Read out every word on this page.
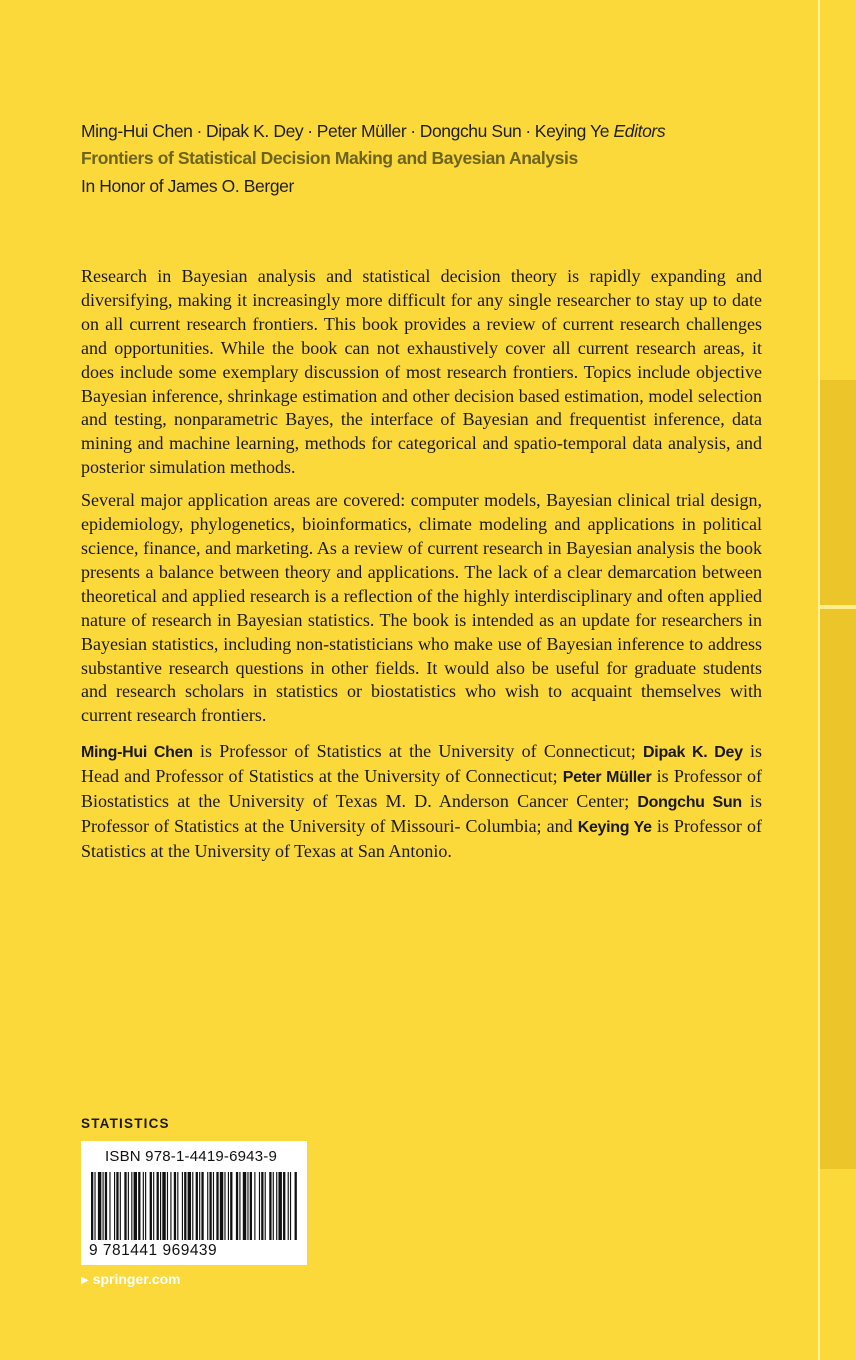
Ming-Hui Chen · Dipak K. Dey · Peter Müller · Dongchu Sun · Keying Ye Editors
Frontiers of Statistical Decision Making and Bayesian Analysis
In Honor of James O. Berger

Research in Bayesian analysis and statistical decision theory is rapidly expanding and diversifying, making it increasingly more difficult for any single researcher to stay up to date on all current research frontiers. This book provides a review of current research challenges and opportunities. While the book can not exhaustively cover all current research areas, it does include some exemplary discussion of most research frontiers. Topics include objective Bayesian inference, shrinkage estimation and other decision based estimation, model selection and testing, nonparametric Bayes, the interface of Bayesian and frequentist inference, data mining and machine learning, methods for categorical and spatio-temporal data analysis, and posterior simulation methods.

Several major application areas are covered: computer models, Bayesian clinical trial design, epidemiology, phylogenetics, bioinformatics, climate modeling and applications in political science, finance, and marketing. As a review of current research in Bayesian analysis the book presents a balance between theory and applications. The lack of a clear demarcation between theoretical and applied research is a reflection of the highly interdisciplinary and often applied nature of research in Bayesian statistics. The book is intended as an update for researchers in Bayesian statistics, including non-statisticians who make use of Bayesian inference to address substantive research questions in other fields. It would also be useful for graduate students and research scholars in statistics or biostatistics who wish to acquaint themselves with current research frontiers.

Ming-Hui Chen is Professor of Statistics at the University of Connecticut; Dipak K. Dey is Head and Professor of Statistics at the University of Connecticut; Peter Müller is Professor of Biostatistics at the University of Texas M. D. Anderson Cancer Center; Dongchu Sun is Professor of Statistics at the University of Missouri- Columbia; and Keying Ye is Professor of Statistics at the University of Texas at San Antonio.

STATISTICS
ISBN 978-1-4419-6943-9
9 781441 969439
▶ springer.com
